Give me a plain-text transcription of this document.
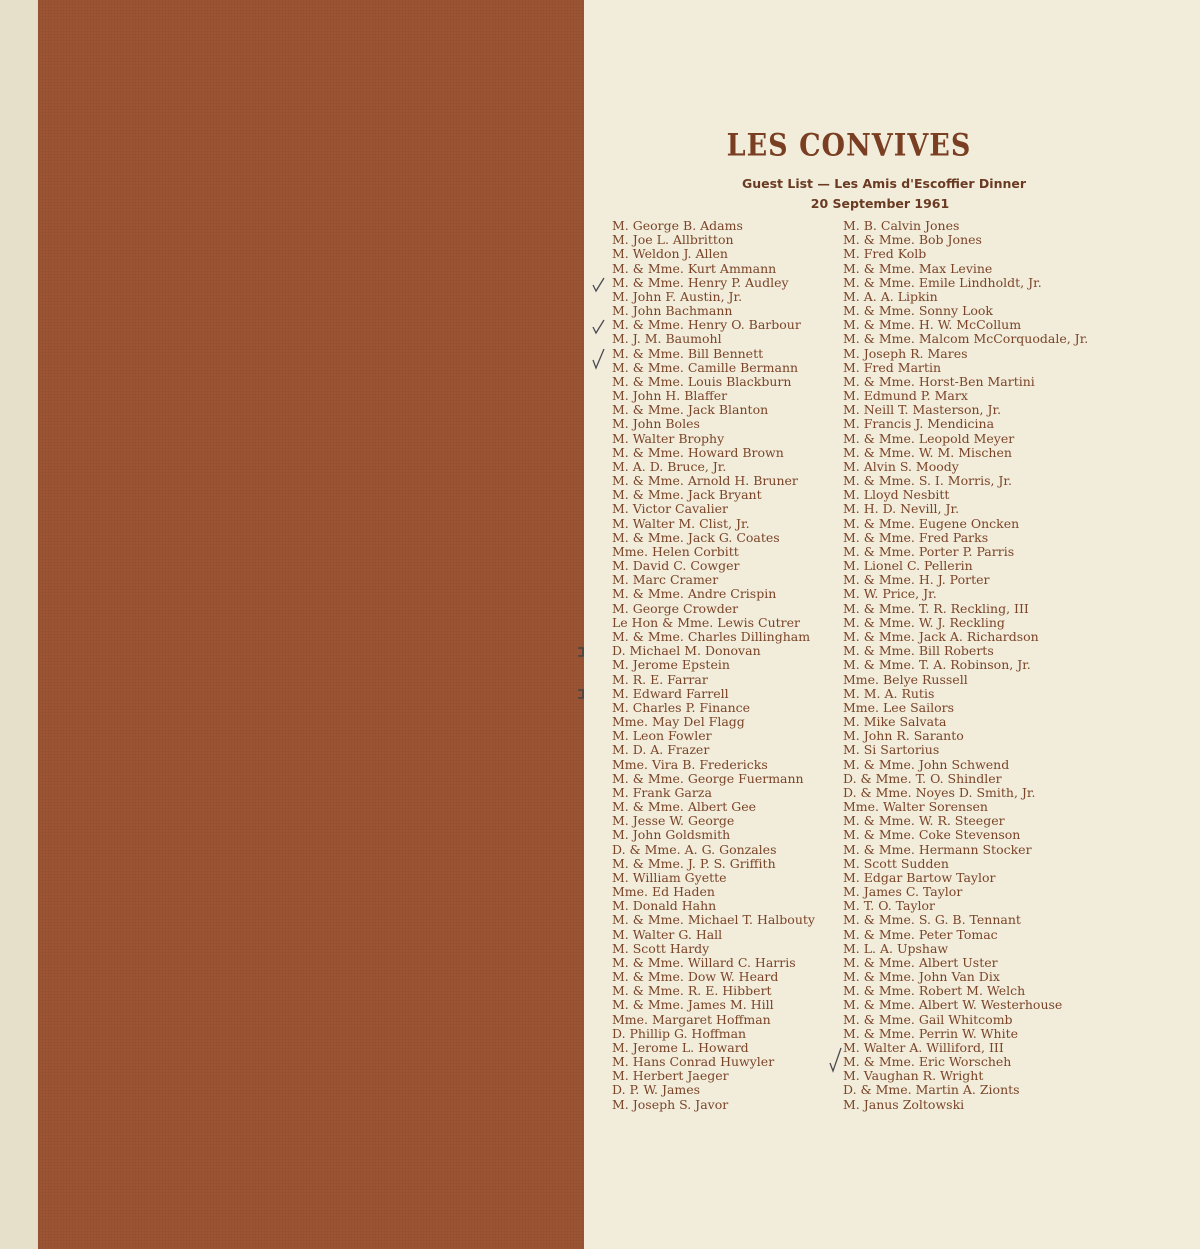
LES CONVIVES
Guest List — Les Amis d'Escoffier Dinner
20 September 1961
M. George B. Adams
M. Joe L. Allbritton
M. Weldon J. Allen
M. & Mme. Kurt Ammann
M. & Mme. Henry P. Audley
M. John F. Austin, Jr.
M. John Bachmann
M. & Mme. Henry O. Barbour
M. J. M. Baumohl
M. & Mme. Bill Bennett
M. & Mme. Camille Bermann
M. & Mme. Louis Blackburn
M. John H. Blaffer
M. & Mme. Jack Blanton
M. John Boles
M. Walter Brophy
M. & Mme. Howard Brown
M. A. D. Bruce, Jr.
M. & Mme. Arnold H. Bruner
M. & Mme. Jack Bryant
M. Victor Cavalier
M. Walter M. Clist, Jr.
M. & Mme. Jack G. Coates
Mme. Helen Corbitt
M. David C. Cowger
M. Marc Cramer
M. & Mme. Andre Crispin
M. George Crowder
Le Hon & Mme. Lewis Cutrer
M. & Mme. Charles Dillingham
D. Michael M. Donovan
M. Jerome Epstein
M. R. E. Farrar
M. Edward Farrell
M. Charles P. Finance
Mme. May Del Flagg
M. Leon Fowler
M. D. A. Frazer
Mme. Vira B. Fredericks
M. & Mme. George Fuermann
M. Frank Garza
M. & Mme. Albert Gee
M. Jesse W. George
M. John Goldsmith
D. & Mme. A. G. Gonzales
M. & Mme. J. P. S. Griffith
M. William Gyette
Mme. Ed Haden
M. Donald Hahn
M. & Mme. Michael T. Halbouty
M. Walter G. Hall
M. Scott Hardy
M. & Mme. Willard C. Harris
M. & Mme. Dow W. Heard
M. & Mme. R. E. Hibbert
M. & Mme. James M. Hill
Mme. Margaret Hoffman
D. Phillip G. Hoffman
M. Jerome L. Howard
M. Hans Conrad Huwyler
M. Herbert Jaeger
D. P. W. James
M. Joseph S. Javor
M. B. Calvin Jones
M. & Mme. Bob Jones
M. Fred Kolb
M. & Mme. Max Levine
M. & Mme. Emile Lindholdt, Jr.
M. A. A. Lipkin
M. & Mme. Sonny Look
M. & Mme. H. W. McCollum
M. & Mme. Malcom McCorquodale, Jr.
M. Joseph R. Mares
M. Fred Martin
M. & Mme. Horst-Ben Martini
M. Edmund P. Marx
M. Neill T. Masterson, Jr.
M. Francis J. Mendicina
M. & Mme. Leopold Meyer
M. & Mme. W. M. Mischen
M. Alvin S. Moody
M. & Mme. S. I. Morris, Jr.
M. Lloyd Nesbitt
M. H. D. Nevill, Jr.
M. & Mme. Eugene Oncken
M. & Mme. Fred Parks
M. & Mme. Porter P. Parris
M. Lionel C. Pellerin
M. & Mme. H. J. Porter
M. W. Price, Jr.
M. & Mme. T. R. Reckling, III
M. & Mme. W. J. Reckling
M. & Mme. Jack A. Richardson
M. & Mme. Bill Roberts
M. & Mme. T. A. Robinson, Jr.
Mme. Belye Russell
M. M. A. Rutis
Mme. Lee Sailors
M. Mike Salvata
M. John R. Saranto
M. Si Sartorius
M. & Mme. John Schwend
D. & Mme. T. O. Shindler
D. & Mme. Noyes D. Smith, Jr.
Mme. Walter Sorensen
M. & Mme. W. R. Steeger
M. & Mme. Coke Stevenson
M. & Mme. Hermann Stocker
M. Scott Sudden
M. Edgar Bartow Taylor
M. James C. Taylor
M. T. O. Taylor
M. & Mme. S. G. B. Tennant
M. & Mme. Peter Tomac
M. L. A. Upshaw
M. & Mme. Albert Uster
M. & Mme. John Van Dix
M. & Mme. Robert M. Welch
M. & Mme. Albert W. Westerhouse
M. & Mme. Gail Whitcomb
M. & Mme. Perrin W. White
M. Walter A. Williford, III
M. & Mme. Eric Worscheh
M. Vaughan R. Wright
D. & Mme. Martin A. Zionts
M. Janus Zoltowski
